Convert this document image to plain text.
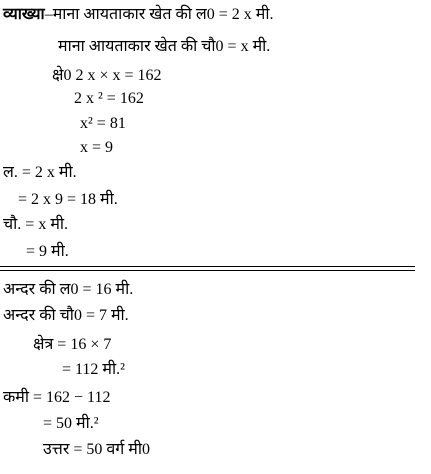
व्याख्या–माना आयताकार खेत की ल0 = 2 x मी.
माना आयताकार खेत की चौ0 = x मी.
क्षे0 2 x × x = 162
2 x ² = 162
x² = 81
x = 9
ल. = 2 x मी.
= 2 x 9 = 18 मी.
चौ. = x मी.
= 9 मी.
अन्दर की ल0 = 16 मी.
अन्दर की चौ0 = 7 मी.
क्षेत्र = 16 × 7
= 112 मी.²
कमी = 162 − 112
= 50 मी.²
उत्तर = 50 वर्ग मी0
